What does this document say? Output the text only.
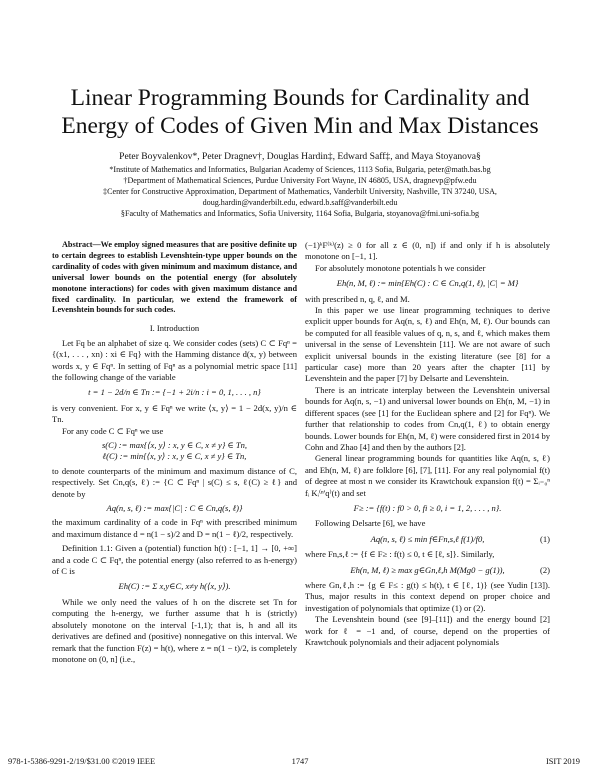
Linear Programming Bounds for Cardinality and
Energy of Codes of Given Min and Max Distances
Peter Boyvalenkov*, Peter Dragnev†, Douglas Hardin‡, Edward Saff‡, and Maya Stoyanova§
*Institute of Mathematics and Informatics, Bulgarian Academy of Sciences, 1113 Sofia, Bulgaria, peter@math.bas.bg
†Department of Mathematical Sciences, Purdue University Fort Wayne, IN 46805, USA, dragnevp@pfw.edu
‡Center for Constructive Approximation, Department of Mathematics, Vanderbilt University, Nashville, TN 37240, USA,
doug.hardin@vanderbilt.edu, edward.b.saff@vanderbilt.edu
§Faculty of Mathematics and Informatics, Sofia University, 1164 Sofia, Bulgaria, stoyanova@fmi.uni-sofia.bg

Abstract—We employ signed measures that are positive definite up to certain degrees to establish Levenshtein-type upper bounds on the cardinality of codes with given minimum and maximum distance, and universal lower bounds on the potential energy (for absolutely monotone interactions) for codes with given maximum distance and fixed cardinality. In particular, we extend the framework of Levenshtein bounds for such codes.

I. Introduction

Let Fq be an alphabet of size q. We consider codes (sets) C ⊂ Fqⁿ = {(x1, . . . , xn) : xi ∈ Fq} with the Hamming distance d(x, y) between words x, y ∈ Fqⁿ. In setting of Fqⁿ as a polynomial metric space [11] the following change of the variable

t = 1 − 2d/n ∈ Tn := {−1 + 2i/n : i = 0, 1, . . . , n}

is very convenient. For x, y ∈ Fqⁿ we write ⟨x, y⟩ = 1 − 2d(x, y)/n ∈ Tn.

For any code C ⊂ Fqⁿ we use

s(C) := max{⟨x, y⟩ : x, y ∈ C, x ≠ y} ∈ Tn,

ℓ(C) := min{⟨x, y⟩ : x, y ∈ C, x ≠ y} ∈ Tn,

to denote counterparts of the minimum and maximum distance of C, respectively. Set Cn,q(s, ℓ) := {C ⊂ Fqⁿ | s(C) ≤ s, ℓ(C) ≥ ℓ} and denote by

Aq(n, s, ℓ) := max{|C| : C ∈ Cn,q(s, ℓ)}

the maximum cardinality of a code in Fqⁿ with prescribed minimum and maximum distance d = n(1 − s)/2 and D = n(1 − ℓ)/2, respectively.

Definition 1.1: Given a (potential) function h(t) : [−1, 1] → [0, +∞] and a code C ⊂ Fqⁿ, the potential energy (also referred to as h-energy) of C is

Eh(C) := Σ x,y∈C, x≠y h(⟨x, y⟩).

While we only need the values of h on the discrete set Tn for computing the h-energy, we further assume that h is (strictly) absolutely monotone on the interval [-1,1); that is, h and all its derivatives are defined and (positive) nonnegative on this interval. We remark that the function F(z) = h(t), where z = n(1 − t)/2, is completely monotone on (0, n] (i.e.,

(−1)ᵏF⁽ᵏ⁾(z) ≥ 0 for all z ∈ (0, n]) if and only if h is absolutely monotone on [−1, 1].

For absolutely monotone potentials h we consider

Eh(n, M, ℓ) := min{Eh(C) : C ∈ Cn,q(1, ℓ), |C| = M}

with prescribed n, q, ℓ, and M.

In this paper we use linear programming techniques to derive explicit upper bounds for Aq(n, s, ℓ) and Eh(n, M, ℓ). Our bounds can be computed for all feasible values of q, n, s, and ℓ, which makes them universal in the sense of Levenshtein [11]. We are not aware of such explicit universal bounds in the existing literature (see [8] for a particular case) more than 20 years after the chapter [11] by Levenshtein and the paper [7] by Delsarte and Levenshtein.

There is an intricate interplay between the Levenshtein universal bounds for Aq(n, s, −1) and universal lower bounds on Eh(n, M, −1) in different spaces (see [1] for the Euclidean sphere and [2] for Fqⁿ). We further that relationship to codes from Cn,q(1, ℓ) to obtain energy bounds. Lower bounds for Eh(n, M, ℓ) were considered first in 2014 by Cohn and Zhao [4] and then by the authors [2].

General linear programming bounds for quantities like Aq(n, s, ℓ) and Eh(n, M, ℓ) are folklore [6], [7], [11]. For any real polynomial f(t) of degree at most n we consider its Krawtchouk expansion f(t) = Σᵢ₌₀ⁿ fᵢ Kᵢ⁽ⁿ'q⁾(t) and set

F≥ := {f(t) : f0 > 0, fi ≥ 0, i = 1, 2, . . . , n}.

Following Delsarte [6], we have

Aq(n, s, ℓ) ≤ min f∈Fn,s,ℓ f(1)/f0,	(1)

where Fn,s,ℓ := {f ∈ F≥ : f(t) ≤ 0, t ∈ [ℓ, s]}. Similarly,

Eh(n, M, ℓ) ≥ max g∈Gn,ℓ,h M(Mg0 − g(1)),	(2)

where Gn,ℓ,h := {g ∈ F≤ : g(t) ≤ h(t), t ∈ [ℓ, 1)} (see Yudin [13]). Thus, major results in this context depend on proper choice and investigation of polynomials that optimize (1) or (2).

The Levenshtein bound (see [9]–[11]) and the energy bound [2] work for ℓ = −1 and, of course, depend on the properties of Krawtchouk polynomials and their adjacent polynomials

978-1-5386-9291-2/19/$31.00 ©2019 IEEE	1747	ISIT 2019
